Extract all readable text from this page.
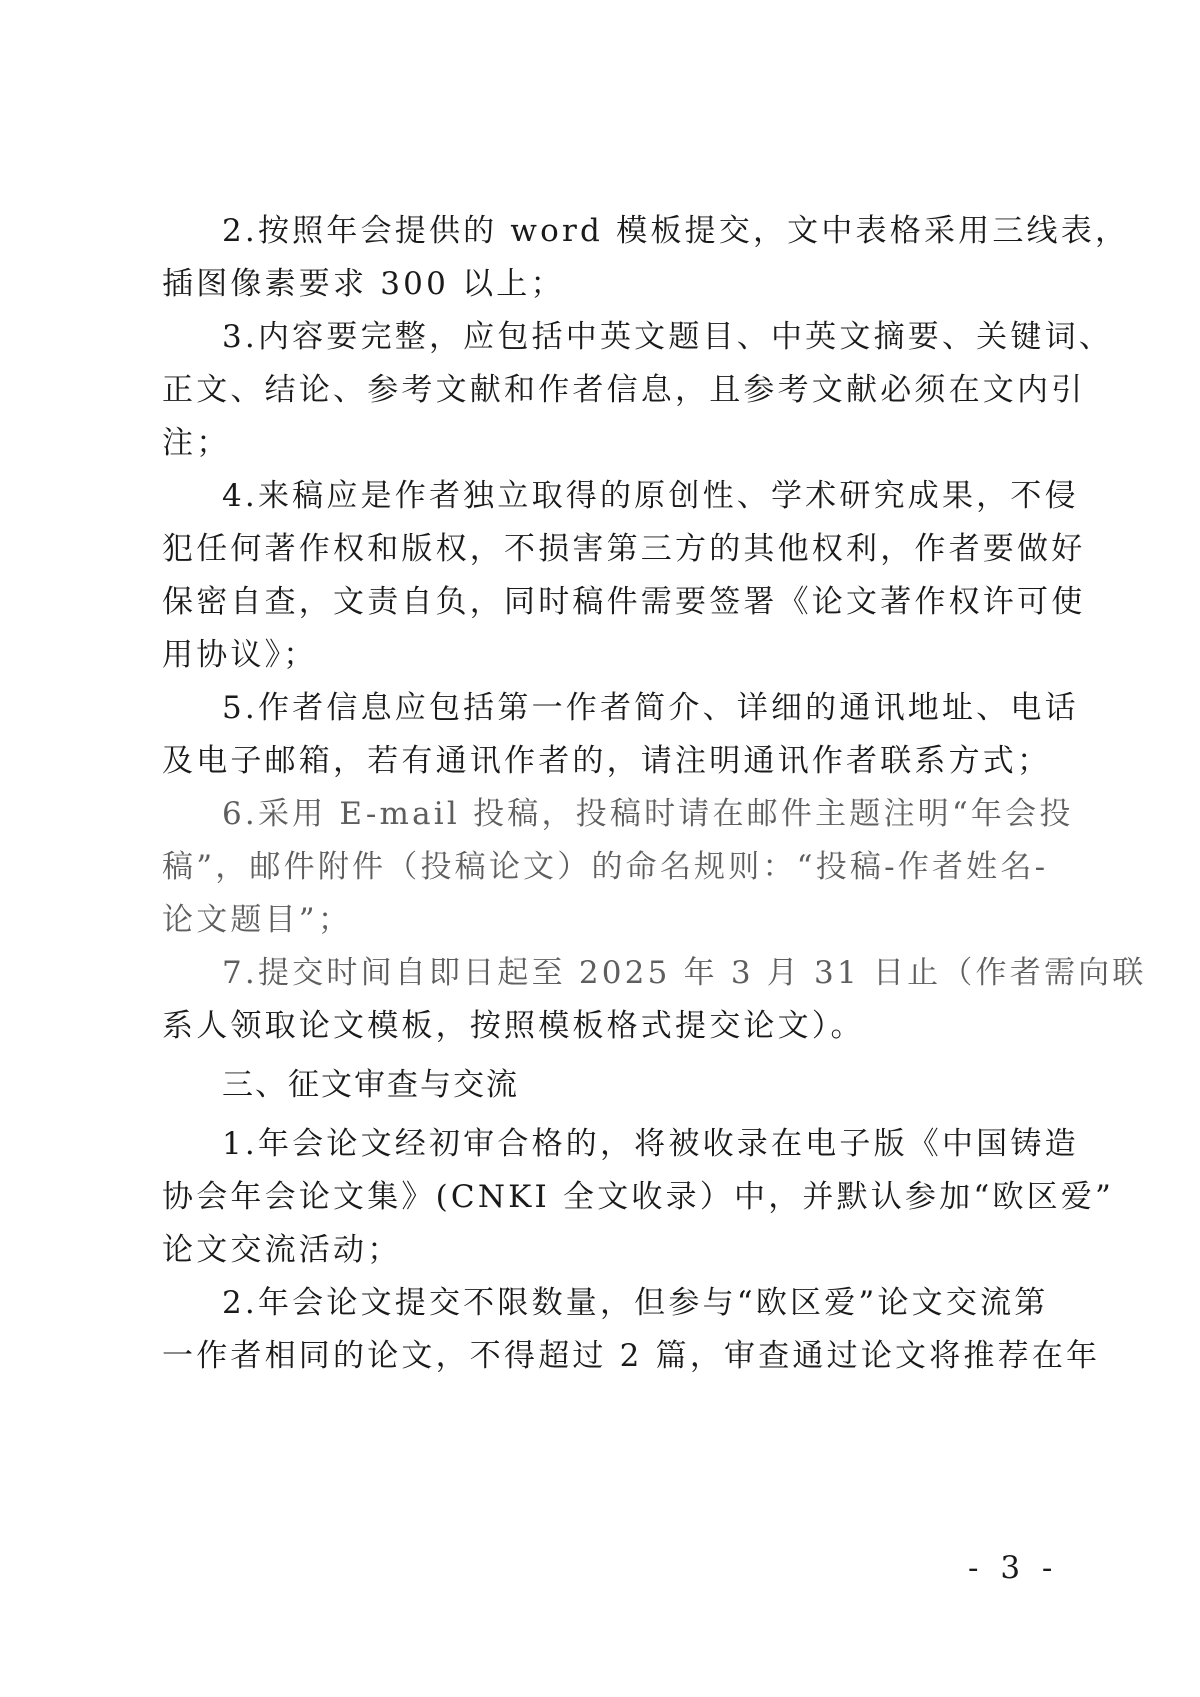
2.按照年会提供的 word 模板提交，文中表格采用三线表，
插图像素要求 300 以上；
3.内容要完整，应包括中英文题目、中英文摘要、关键词、
正文、结论、参考文献和作者信息，且参考文献必须在文内引
注；
4.来稿应是作者独立取得的原创性、学术研究成果，不侵
犯任何著作权和版权，不损害第三方的其他权利，作者要做好
保密自查，文责自负，同时稿件需要签署《论文著作权许可使
用协议》；
5.作者信息应包括第一作者简介、详细的通讯地址、电话
及电子邮箱，若有通讯作者的，请注明通讯作者联系方式；
6.采用 E-mail 投稿，投稿时请在邮件主题注明“年会投
稿”，邮件附件（投稿论文）的命名规则：“投稿-作者姓名-
论文题目”；
7.提交时间自即日起至 2025 年 3 月 31 日止（作者需向联
系人领取论文模板，按照模板格式提交论文）。
三、征文审查与交流
1.年会论文经初审合格的，将被收录在电子版《中国铸造
协会年会论文集》(CNKI 全文收录）中，并默认参加“欧区爱”
论文交流活动；
2.年会论文提交不限数量，但参与“欧区爱”论文交流第
一作者相同的论文，不得超过 2 篇，审查通过论文将推荐在年
- 3 -
